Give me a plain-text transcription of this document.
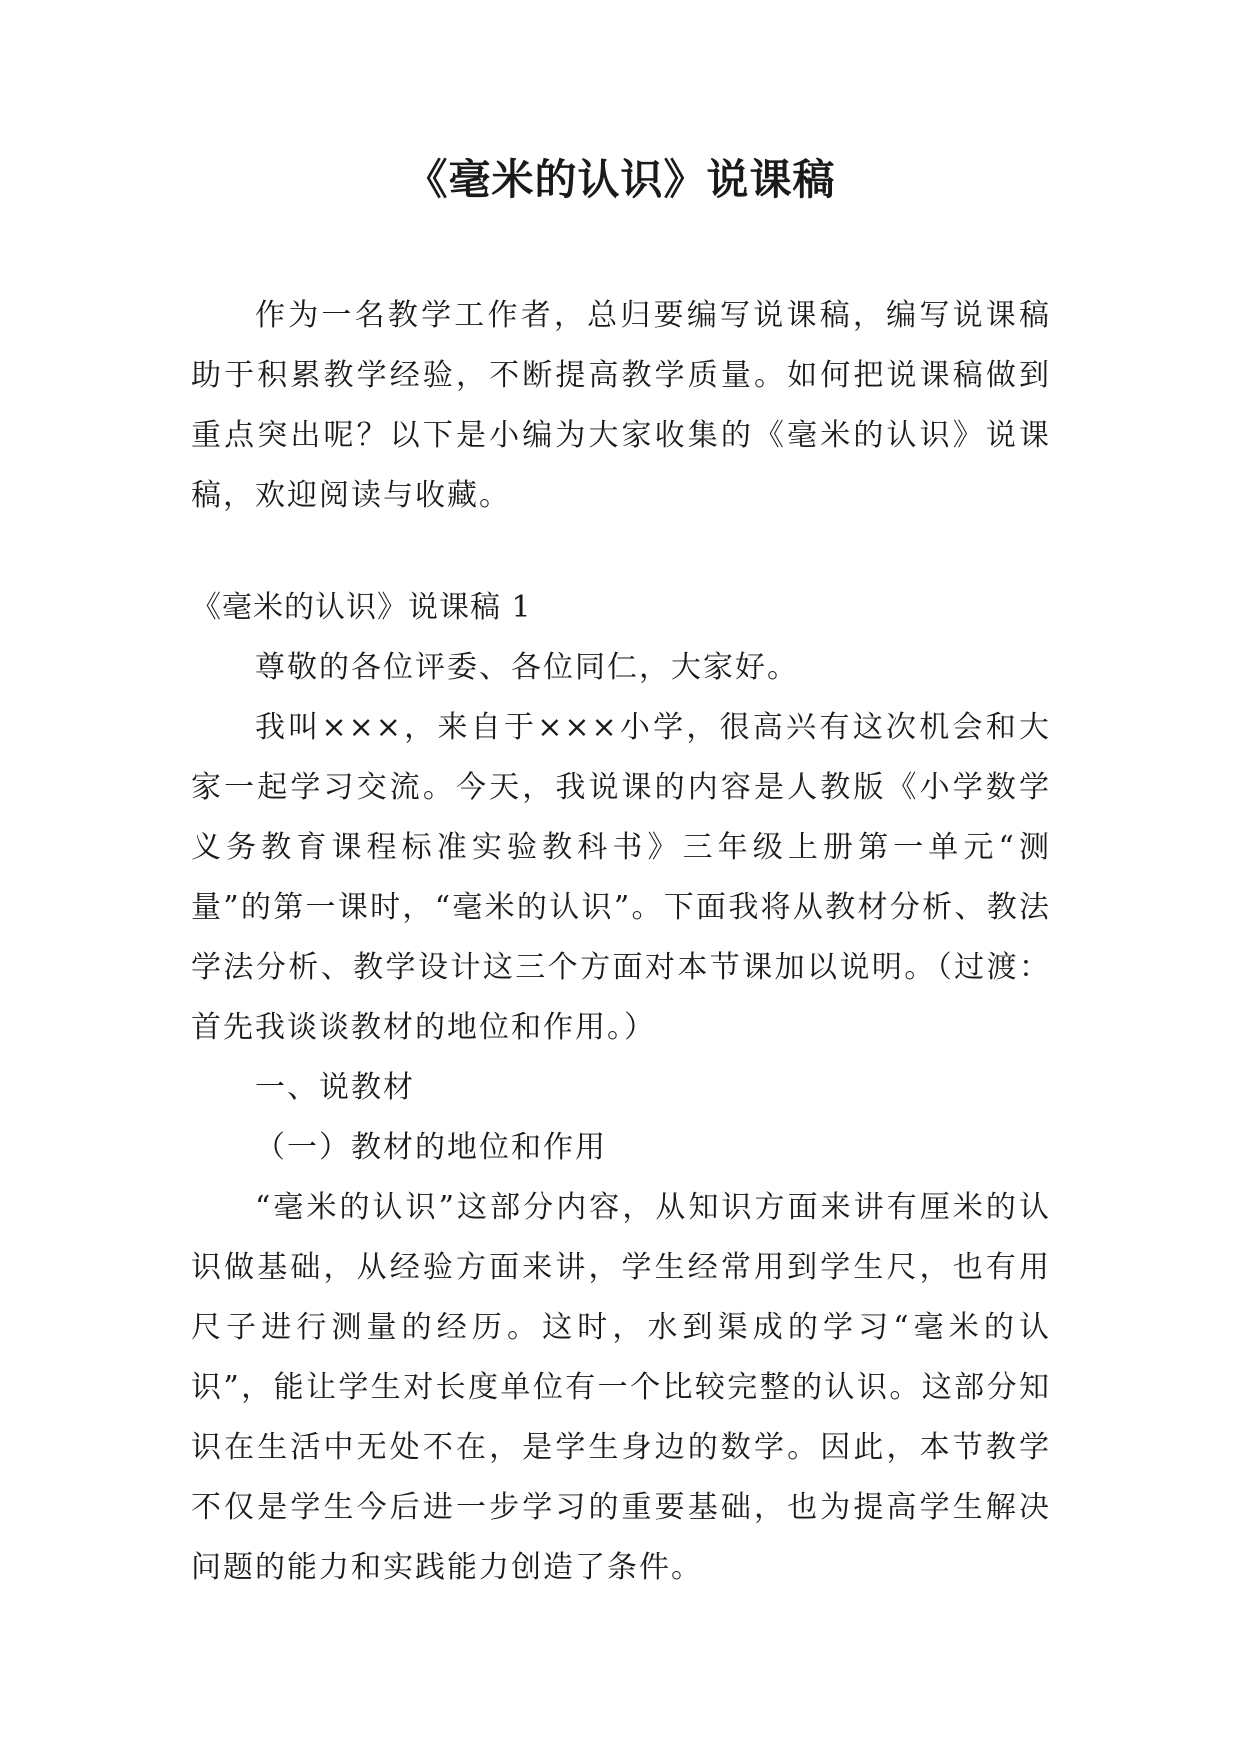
《毫米的认识》说课稿

作为一名教学工作者，总归要编写说课稿，编写说课稿助于积累教学经验，不断提高教学质量。如何把说课稿做到重点突出呢？以下是小编为大家收集的《毫米的认识》说课稿，欢迎阅读与收藏。

《毫米的认识》说课稿 1

尊敬的各位评委、各位同仁，大家好。

我叫×××，来自于×××小学，很高兴有这次机会和大家一起学习交流。今天，我说课的内容是人教版《小学数学义务教育课程标准实验教科书》三年级上册第一单元“测量”的第一课时，“毫米的认识”。下面我将从教材分析、教法学法分析、教学设计这三个方面对本节课加以说明。（过渡：首先我谈谈教材的地位和作用。）

一、说教材

（一）教材的地位和作用

“毫米的认识”这部分内容，从知识方面来讲有厘米的认识做基础，从经验方面来讲，学生经常用到学生尺，也有用尺子进行测量的经历。这时，水到渠成的学习“毫米的认识”，能让学生对长度单位有一个比较完整的认识。这部分知识在生活中无处不在，是学生身边的数学。因此，本节教学不仅是学生今后进一步学习的重要基础，也为提高学生解决问题的能力和实践能力创造了条件。
